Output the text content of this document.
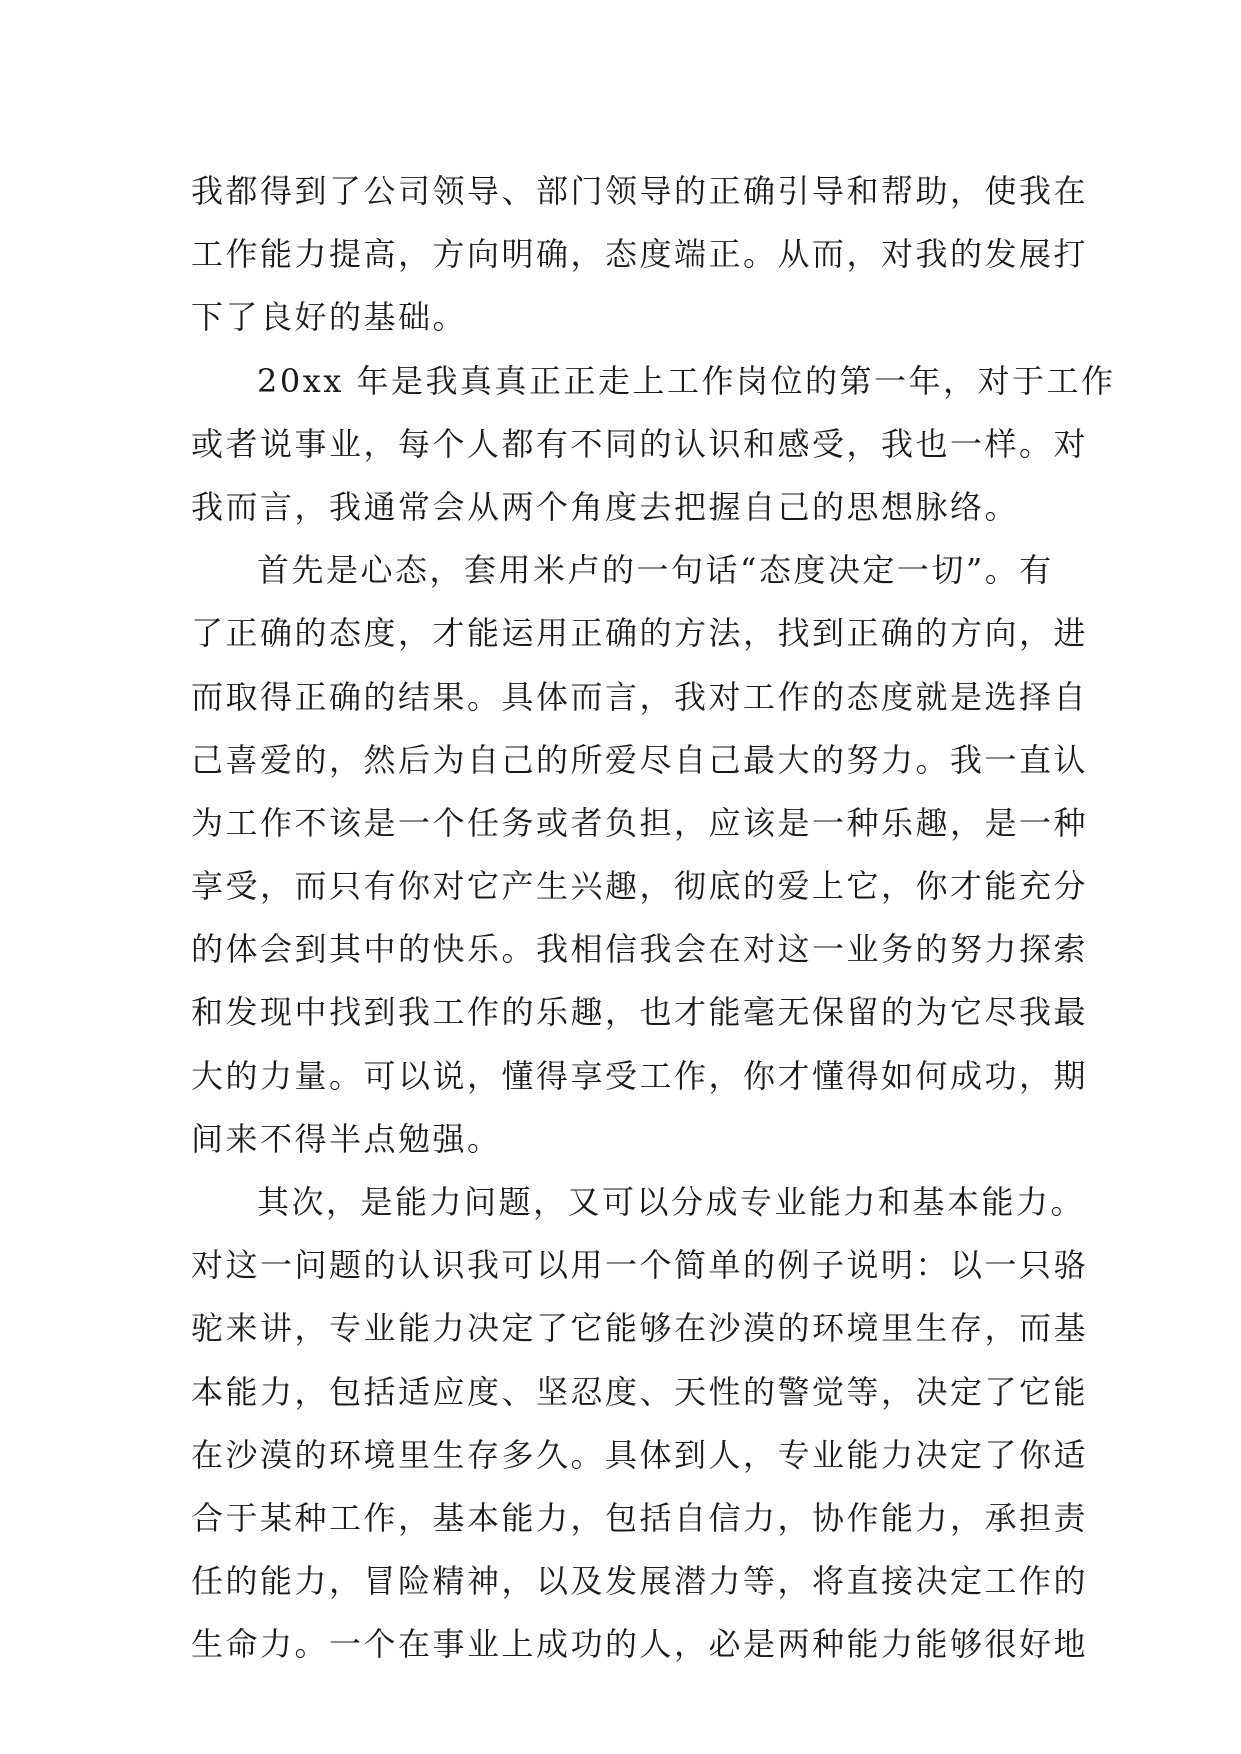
我都得到了公司领导、部门领导的正确引导和帮助，使我在
工作能力提高，方向明确，态度端正。从而，对我的发展打
下了良好的基础。
20xx 年是我真真正正走上工作岗位的第一年，对于工作
或者说事业，每个人都有不同的认识和感受，我也一样。对
我而言，我通常会从两个角度去把握自己的思想脉络。
首先是心态，套用米卢的一句话“态度决定一切”。有
了正确的态度，才能运用正确的方法，找到正确的方向，进
而取得正确的结果。具体而言，我对工作的态度就是选择自
己喜爱的，然后为自己的所爱尽自己最大的努力。我一直认
为工作不该是一个任务或者负担，应该是一种乐趣，是一种
享受，而只有你对它产生兴趣，彻底的爱上它，你才能充分
的体会到其中的快乐。我相信我会在对这一业务的努力探索
和发现中找到我工作的乐趣，也才能毫无保留的为它尽我最
大的力量。可以说，懂得享受工作，你才懂得如何成功，期
间来不得半点勉强。
其次，是能力问题，又可以分成专业能力和基本能力。
对这一问题的认识我可以用一个简单的例子说明：以一只骆
驼来讲，专业能力决定了它能够在沙漠的环境里生存，而基
本能力，包括适应度、坚忍度、天性的警觉等，决定了它能
在沙漠的环境里生存多久。具体到人，专业能力决定了你适
合于某种工作，基本能力，包括自信力，协作能力，承担责
任的能力，冒险精神，以及发展潜力等，将直接决定工作的
生命力。一个在事业上成功的人，必是两种能力能够很好地
